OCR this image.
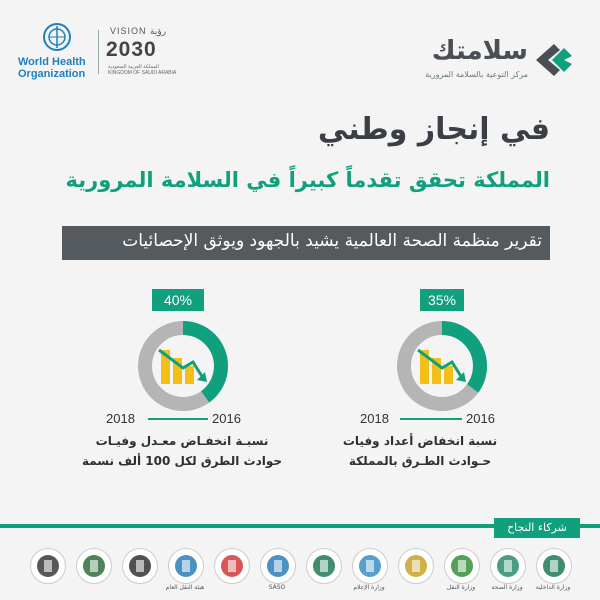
World Health
Organization
VISION رؤية
2030
المملكة العربية السعودية KINGDOM OF SAUDI ARABIA
سلامتك
مركز التوعية بالسلامة المرورية
في إنجاز وطني
المملكة تحقق تقدماً كبيراً في السلامة المرورية
تقرير منظمة الصحة العالمية يشيد بالجهود ويوثق الإحصائيات
35%
2016
2018
نسبة انخفاض أعداد وفيات
حـوادث الطـرق بالمملكة
40%
2016
2018
نسبـة انخفـاض معـدل وفيـات
حوادث الطرق لكل 100 ألف نسمة
شركاء النجاح
وزارة الداخلية
وزارة الصحة
وزارة النقل
وزارة الإعلام
SASO
هيئة النقل العام
